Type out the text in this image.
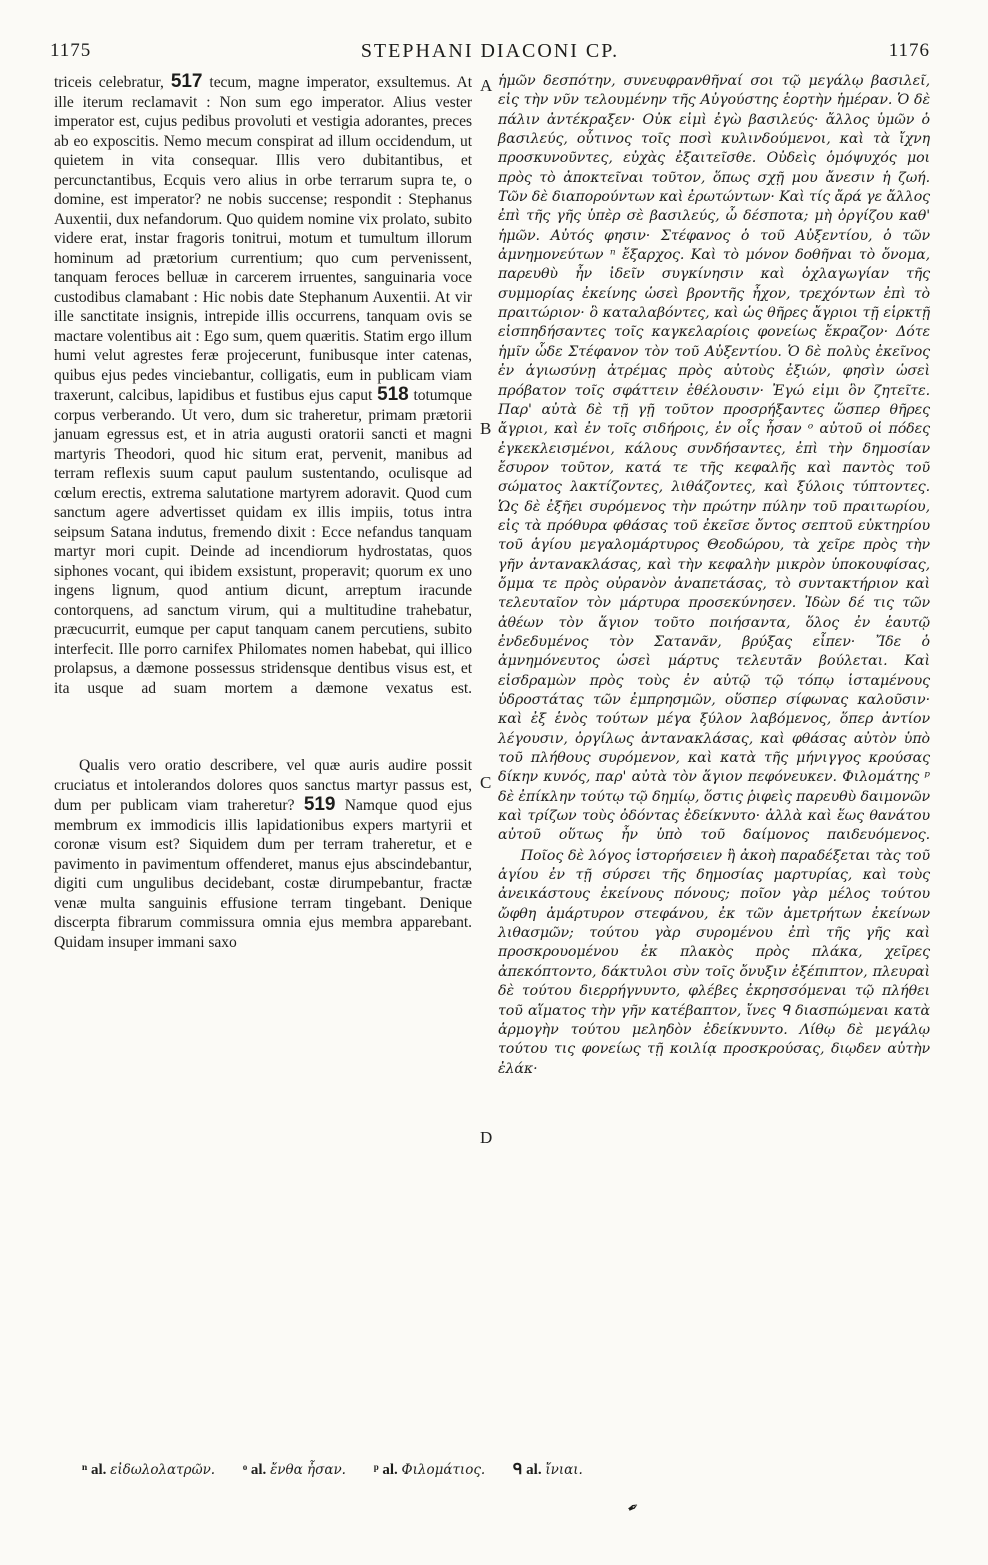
1175	STEPHANI DIACONI CP.	1176
A
B
C
D

triceis celebratur, 517 tecum, magne imperator, exsultemus. At ille iterum reclamavit : Non sum ego imperator. Alius vester imperator est, cujus pedibus provoluti et vestigia adorantes, preces ab eo exposcitis. Nemo mecum conspirat ad illum occidendum, ut quietem in vita consequar. Illis vero dubitantibus, et percunctantibus, Ecquis vero alius in orbe terrarum supra te, o domine, est imperator? ne nobis succense; respondit : Stephanus Auxentii, dux nefandorum. Quo quidem nomine vix prolato, subito videre erat, instar fragoris tonitrui, motum et tumultum illorum hominum ad prætorium currentium; quo cum pervenissent, tanquam feroces belluæ in carcerem irruentes, sanguinaria voce custodibus clamabant : Hic nobis date Stephanum Auxentii. At vir ille sanctitate insignis, intrepide illis occurrens, tanquam ovis se mactare volentibus ait : Ego sum, quem quæritis. Statim ergo illum humi velut agrestes feræ projecerunt, funibusque inter catenas, quibus ejus pedes vinciebantur, colligatis, eum in publicam viam traxerunt, calcibus, lapidibus et fustibus ejus caput 518 totumque corpus verberando. Ut vero, dum sic traheretur, primam prætorii januam egressus est, et in atria augusti oratorii sancti et magni martyris Theodori, quod hic situm erat, pervenit, manibus ad terram reflexis suum caput paulum sustentando, oculisque ad cœlum erectis, extrema salutatione martyrem adoravit. Quod cum sanctum agere advertisset quidam ex illis impiis, totus intra seipsum Satana indutus, fremendo dixit : Ecce nefandus tanquam martyr mori cupit. Deinde ad incendiorum hydrostatas, quos siphones vocant, qui ibidem exsistunt, properavit; quorum ex uno ingens lignum, quod antium dicunt, arreptum iracunde contorquens, ad sanctum virum, qui a multitudine trahebatur, præcucurrit, eumque per caput tanquam canem percutiens, subito interfecit. Ille porro carnifex Philomates nomen habebat, qui illico prolapsus, a dæmone possessus stridensque dentibus visus est, et ita usque ad suam mortem a dæmone vexatus est.

Qualis vero oratio describere, vel quæ auris audire possit cruciatus et intolerandos dolores quos sanctus martyr passus est, dum per publicam viam traheretur? 519 Namque quod ejus membrum ex immodicis illis lapidationibus expers martyrii et coronæ visum est? Siquidem dum per terram traheretur, et e pavimento in pavimentum offenderet, manus ejus abscindebantur, digiti cum ungulibus decidebant, costæ dirumpebantur, fractæ venæ multa sanguinis effusione terram tingebant. Denique discerpta fibrarum commissura omnia ejus membra apparebant. Quidam insuper immani saxo

ἡμῶν δεσπότην, συνευφρανθῆναί σοι τῷ μεγάλῳ βασιλεῖ, εἰς τὴν νῦν τελουμένην τῆς Αὐγούστης ἑορτὴν ἡμέραν. Ὁ δὲ πάλιν ἀντέκραξεν· Οὐκ εἰμὶ ἐγὼ βασιλεύς· ἄλλος ὑμῶν ὁ βασιλεύς, οὗτινος τοῖς ποσὶ κυλινδούμενοι, καὶ τὰ ἴχνη προσκυνοῦντες, εὐχὰς ἐξαιτεῖσθε. Οὐδεὶς ὁμόψυχός μοι πρὸς τὸ ἀποκτεῖναι τοῦτον, ὅπως σχῇ μου ἄνεσιν ἡ ζωή. Τῶν δὲ διαπορούντων καὶ ἐρωτώντων· Καὶ τίς ἄρά γε ἄλλος ἐπὶ τῆς γῆς ὑπὲρ σὲ βασιλεύς, ὦ δέσποτα; μὴ ὀργίζου καθ' ἡμῶν. Αὐτός φησιν· Στέφανος ὁ τοῦ Αὐξεντίου, ὁ τῶν ἀμνημονεύτων ⁿ ἔξαρχος. Καὶ τὸ μόνον δοθῆναι τὸ ὄνομα, παρευθὺ ἦν ἰδεῖν συγκίνησιν καὶ ὀχλαγωγίαν τῆς συμμορίας ἐκείνης ὡσεὶ βροντῆς ἦχον, τρεχόντων ἐπὶ τὸ πραιτώριον· ὃ καταλαβόντες, καὶ ὡς θῆρες ἄγριοι τῇ εἱρκτῇ εἰσπηδήσαντες τοῖς καγκελαρίοις φονείως ἔκραζον· Δότε ἡμῖν ὧδε Στέφανον τὸν τοῦ Αὐξεντίου. Ὁ δὲ πολὺς ἐκεῖνος ἐν ἁγιωσύνῃ ἀτρέμας πρὸς αὐτοὺς ἐξιών, φησὶν ὡσεὶ πρόβατον τοῖς σφάττειν ἐθέλουσιν· Ἐγώ εἰμι ὃν ζητεῖτε. Παρ' αὐτὰ δὲ τῇ γῇ τοῦτον προσρήξαντες ὥσπερ θῆρες ἄγριοι, καὶ ἐν τοῖς σιδήροις, ἐν οἷς ἦσαν ᵒ αὐτοῦ οἱ πόδες ἐγκεκλεισμένοι, κάλους συνδήσαντες, ἐπὶ τὴν δημοσίαν ἔσυρον τοῦτον, κατά τε τῆς κεφαλῆς καὶ παντὸς τοῦ σώματος λακτίζοντες, λιθάζοντες, καὶ ξύλοις τύπτοντες. Ὡς δὲ ἐξῆει συρόμενος τὴν πρώτην πύλην τοῦ πραιτωρίου, εἰς τὰ πρόθυρα φθάσας τοῦ ἐκεῖσε ὄντος σεπτοῦ εὐκτηρίου τοῦ ἁγίου μεγαλομάρτυρος Θεοδώρου, τὰ χεῖρε πρὸς τὴν γῆν ἀντανακλάσας, καὶ τὴν κεφαλὴν μικρὸν ὑποκουφίσας, ὄμμα τε πρὸς οὐρανὸν ἀναπετάσας, τὸ συντακτήριον καὶ τελευταῖον τὸν μάρτυρα προσεκύνησεν. Ἰδὼν δέ τις τῶν ἀθέων τὸν ἅγιον τοῦτο ποιήσαντα, ὅλος ἐν ἑαυτῷ ἐνδεδυμένος τὸν Σατανᾶν, βρύξας εἶπεν· Ἴδε ὁ ἀμνημόνευτος ὡσεὶ μάρτυς τελευτᾶν βούλεται. Καὶ εἰσδραμὼν πρὸς τοὺς ἐν αὐτῷ τῷ τόπῳ ἱσταμένους ὑδροστάτας τῶν ἐμπρησμῶν, οὕσπερ σίφωνας καλοῦσιν· καὶ ἐξ ἑνὸς τούτων μέγα ξύλον λαβόμενος, ὅπερ ἀντίον λέγουσιν, ὀργίλως ἀντανακλάσας, καὶ φθάσας αὐτὸν ὑπὸ τοῦ πλήθους συρόμενον, καὶ κατὰ τῆς μήνιγγος κρούσας δίκην κυνός, παρ' αὐτὰ τὸν ἅγιον πεφόνευκεν. Φιλομάτης ᵖ δὲ ἐπίκλην τούτῳ τῷ δημίῳ, ὅστις ῥιφεὶς παρευθὺ δαιμονῶν καὶ τρίζων τοὺς ὀδόντας ἐδείκνυτο· ἀλλὰ καὶ ἕως θανάτου αὐτοῦ οὕτως ἦν ὑπὸ τοῦ δαίμονος παιδευόμενος.

Ποῖος δὲ λόγος ἱστορήσειεν ἢ ἀκοὴ παραδέξεται τὰς τοῦ ἁγίου ἐν τῇ σύρσει τῆς δημοσίας μαρτυρίας, καὶ τοὺς ἀνεικάστους ἐκείνους πόνους; ποῖον γὰρ μέλος τούτου ὤφθη ἀμάρτυρον στεφάνου, ἐκ τῶν ἀμετρήτων ἐκείνων λιθασμῶν; τούτου γὰρ συρομένου ἐπὶ τῆς γῆς καὶ προσκρουομένου ἐκ πλακὸς πρὸς πλάκα, χεῖρες ἀπεκόπτοντο, δάκτυλοι σὺν τοῖς ὄνυξιν ἐξέπιπτον, πλευραὶ δὲ τούτου διερρήγνυντο, φλέβες ἐκρησσόμεναι τῷ πλήθει τοῦ αἵματος τὴν γῆν κατέβαπτον, ἴνες ᑫ διασπώμεναι κατὰ ἁρμογὴν τούτου μεληδὸν ἐδείκνυντο. Λίθῳ δὲ μεγάλῳ τούτου τις φονείως τῇ κοιλίᾳ προσκρούσας, διῳδεν αὐτὴν ἐλάκ·

ⁿ al. εἰδωλολατρῶν. ᵒ al. ἔνθα ἦσαν. ᵖ al. Φιλομάτιος. ᑫ al. ἴνιαι.
✒
